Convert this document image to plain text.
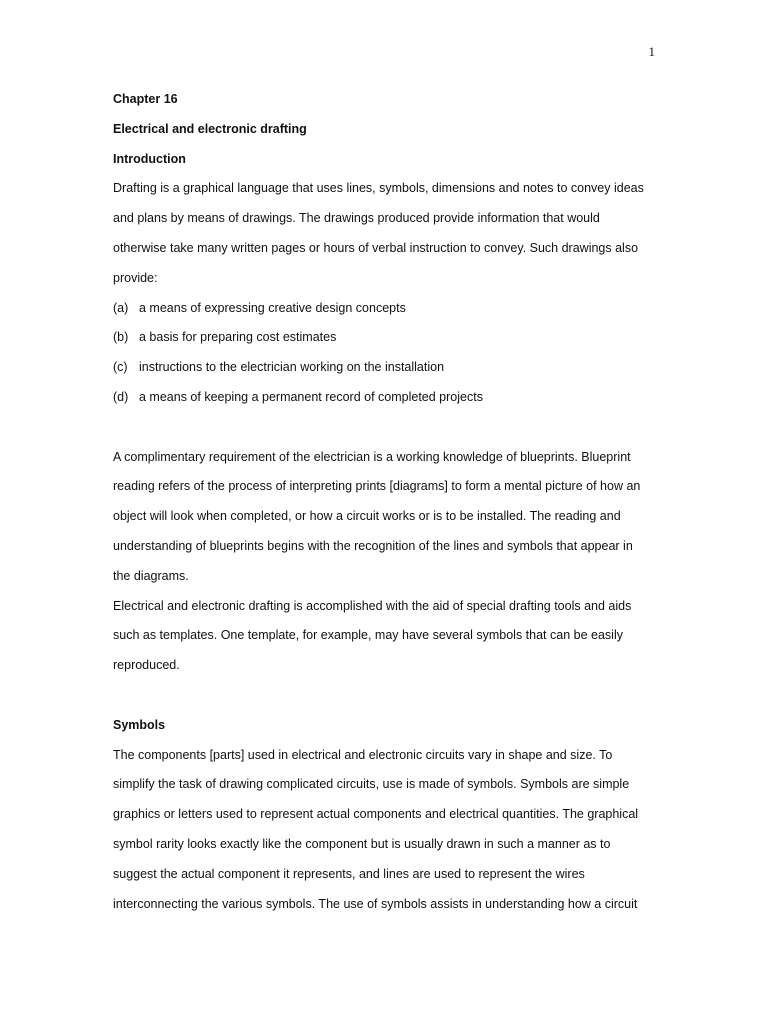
1
Chapter 16
Electrical and electronic drafting
Introduction
Drafting is a graphical language that uses lines, symbols, dimensions and notes to convey ideas
and plans by means of drawings. The drawings produced provide information that would
otherwise take many written pages or hours of verbal instruction to convey. Such drawings also
provide:
(a) a means of expressing creative design concepts
(b) a basis for preparing cost estimates
(c) instructions to the electrician working on the installation
(d) a means of keeping a permanent record of completed projects
A complimentary requirement of the electrician is a working knowledge of blueprints. Blueprint
reading refers of the process of interpreting prints [diagrams] to form a mental picture of how an
object will look when completed, or how a circuit works or is to be installed. The reading and
understanding of blueprints begins with the recognition of the lines and symbols that appear in
the diagrams.
Electrical and electronic drafting is accomplished with the aid of special drafting tools and aids
such as templates. One template, for example, may have several symbols that can be easily
reproduced.
Symbols
The components [parts] used in electrical and electronic circuits vary in shape and size. To
simplify the task of drawing complicated circuits, use is made of symbols. Symbols are simple
graphics or letters used to represent actual components and electrical quantities. The graphical
symbol rarity looks exactly like the component but is usually drawn in such a manner as to
suggest the actual component it represents, and lines are used to represent the wires
interconnecting the various symbols. The use of symbols assists in understanding how a circuit
